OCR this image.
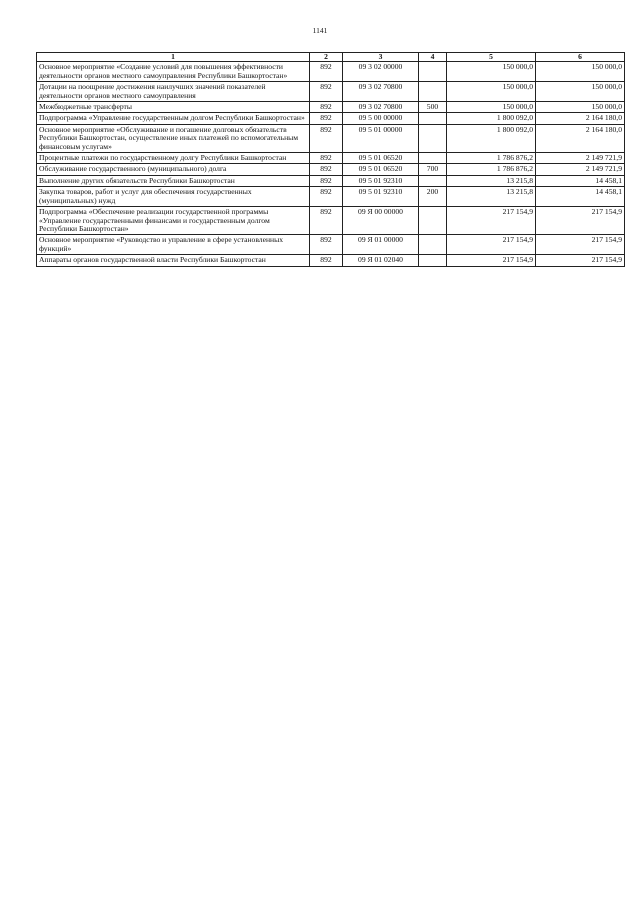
1141
1	2	3	4	5	6
Основное мероприятие «Создание условий для повышения эффективности деятельности органов местного самоуправления Республики Башкортостан»	892	09 3 02 00000		150 000,0	150 000,0
Дотации на поощрение достижения наилучших значений показателей деятельности органов местного самоуправления	892	09 3 02 70800		150 000,0	150 000,0
Межбюджетные трансферты	892	09 3 02 70800	500	150 000,0	150 000,0
Подпрограмма «Управление государственным долгом Республики Башкортостан»	892	09 5 00 00000		1 800 092,0	2 164 180,0
Основное мероприятие «Обслуживание и погашение долговых обязательств Республики Башкортостан, осуществление иных платежей по вспомогательным финансовым услугам»	892	09 5 01 00000		1 800 092,0	2 164 180,0
Процентные платежи по государственному долгу Республики Башкортостан	892	09 5 01 06520		1 786 876,2	2 149 721,9
Обслуживание государственного (муниципального) долга	892	09 5 01 06520	700	1 786 876,2	2 149 721,9
Выполнение других обязательств Республики Башкортостан	892	09 5 01 92310		13 215,8	14 458,1
Закупка товаров, работ и услуг для обеспечения государственных (муниципальных) нужд	892	09 5 01 92310	200	13 215,8	14 458,1
Подпрограмма «Обеспечение реализации государственной программы «Управление государственными финансами и государственным долгом Республики Башкортостан»	892	09 Я 00 00000		217 154,9	217 154,9
Основное мероприятие «Руководство и управление в сфере установленных функций»	892	09 Я 01 00000		217 154,9	217 154,9
Аппараты органов государственной власти Республики Башкортостан	892	09 Я 01 02040		217 154,9	217 154,9
